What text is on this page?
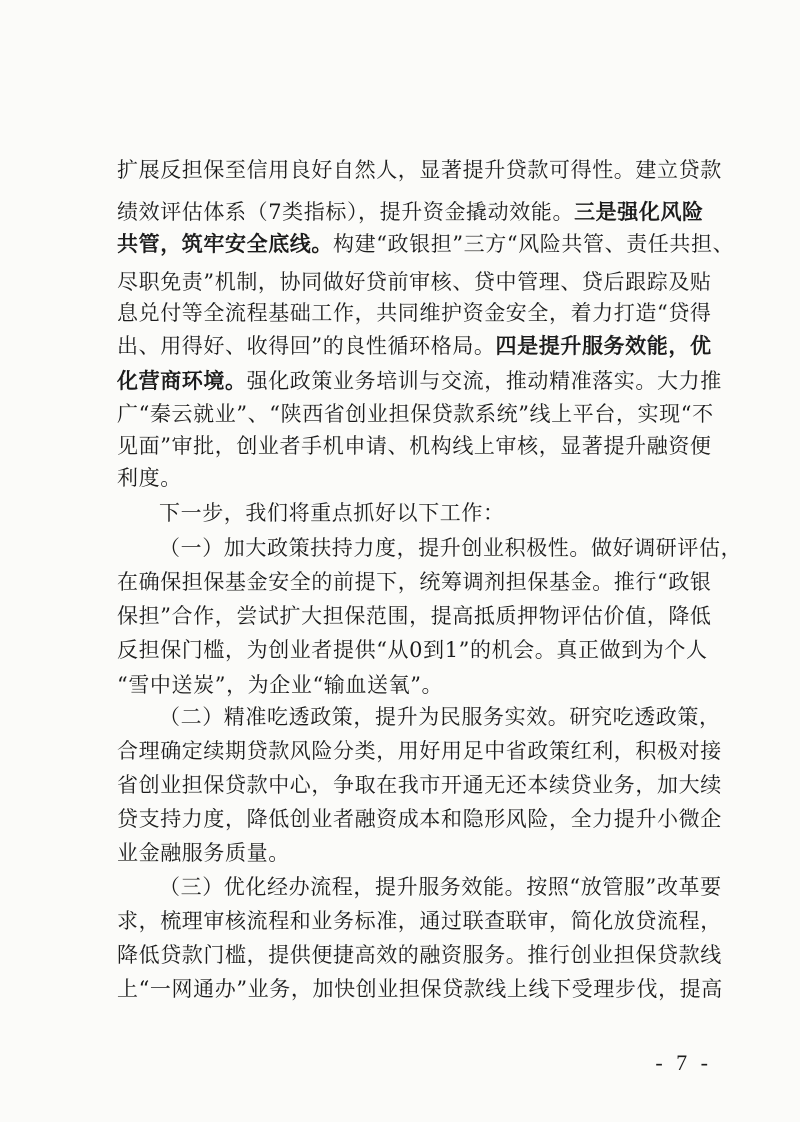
扩展反担保至信用良好自然人，显著提升贷款可得性。建立贷款
绩效评估体系（7类指标），提升资金撬动效能。三是强化风险
共管，筑牢安全底线。构建“政银担”三方“风险共管、责任共担、
尽职免责”机制，协同做好贷前审核、贷中管理、贷后跟踪及贴
息兑付等全流程基础工作，共同维护资金安全，着力打造“贷得
出、用得好、收得回”的良性循环格局。四是提升服务效能，优
化营商环境。强化政策业务培训与交流，推动精准落实。大力推
广“秦云就业”、“陕西省创业担保贷款系统”线上平台，实现“不
见面”审批，创业者手机申请、机构线上审核，显著提升融资便
利度。
下一步，我们将重点抓好以下工作：
（一）加大政策扶持力度，提升创业积极性。做好调研评估，
在确保担保基金安全的前提下，统筹调剂担保基金。推行“政银
保担”合作，尝试扩大担保范围，提高抵质押物评估价值，降低
反担保门槛，为创业者提供“从0到1”的机会。真正做到为个人
“雪中送炭”，为企业“输血送氧”。
（二）精准吃透政策，提升为民服务实效。研究吃透政策，
合理确定续期贷款风险分类，用好用足中省政策红利，积极对接
省创业担保贷款中心，争取在我市开通无还本续贷业务，加大续
贷支持力度，降低创业者融资成本和隐形风险，全力提升小微企
业金融服务质量。
（三）优化经办流程，提升服务效能。按照“放管服”改革要
- 7 -
求，梳理审核流程和业务标准，通过联查联审，简化放贷流程，
降低贷款门槛，提供便捷高效的融资服务。推行创业担保贷款线
上“一网通办”业务，加快创业担保贷款线上线下受理步伐，提高
